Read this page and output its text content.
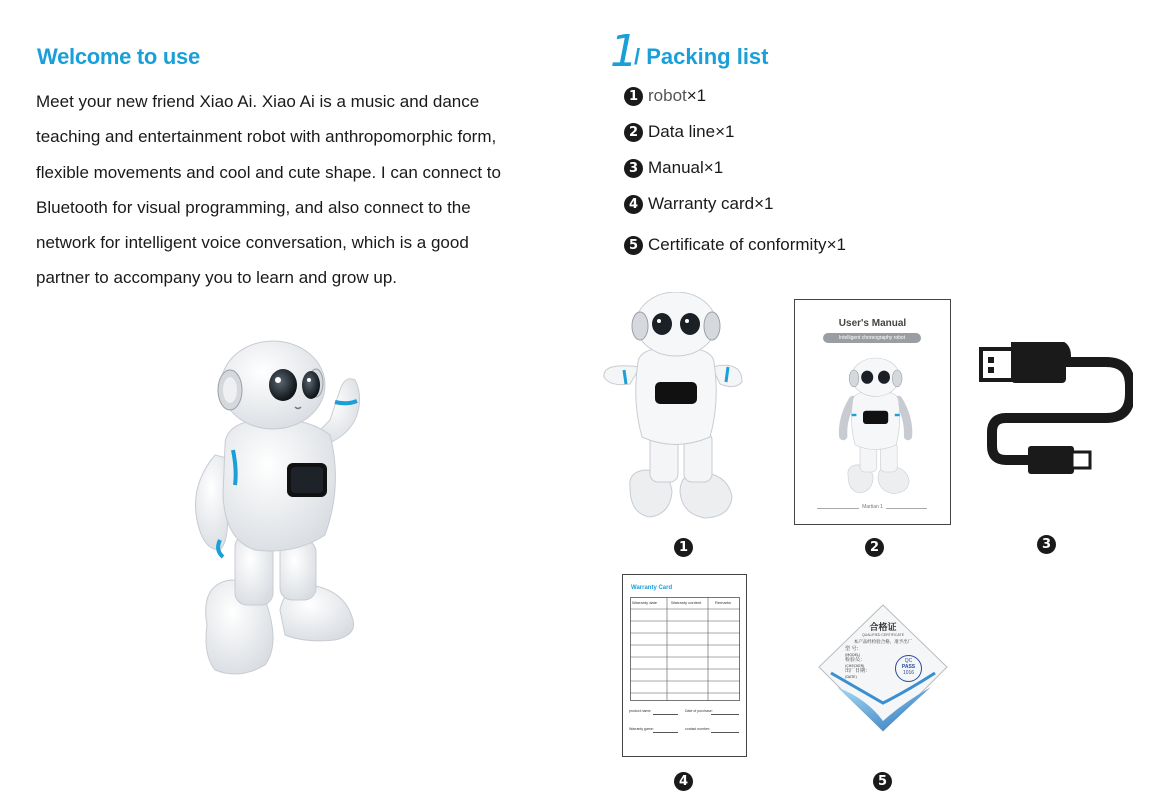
Welcome to use
Meet your new friend Xiao Ai. Xiao Ai is a music and dance teaching and entertainment robot with anthropomorphic form, flexible movements and cool and cute shape. I can connect to Bluetooth for visual programming, and also connect to the network for intelligent voice conversation, which is a good partner to accompany you to learn and grow up.
1
/ Packing list
1 robot ×1
2 Data line ×1
3 Manual ×1
4 Warranty card ×1
5 Certificate of conformity ×1
User's Manual
Intelligent choreography robot
Martian 1
Warranty Card
Warranty date	Warranty content	Remarks
product name:	Date of purchase:
Warranty game:	contact number:
合格证
QUALIFIED CERTIFICATE
本产品经检验合格，准予出厂
型 号：
(MODEL)
检验员：
(CHECKER)
出厂日期：
(DATE)
QC
PASS
1016
1	2	3
4	5
